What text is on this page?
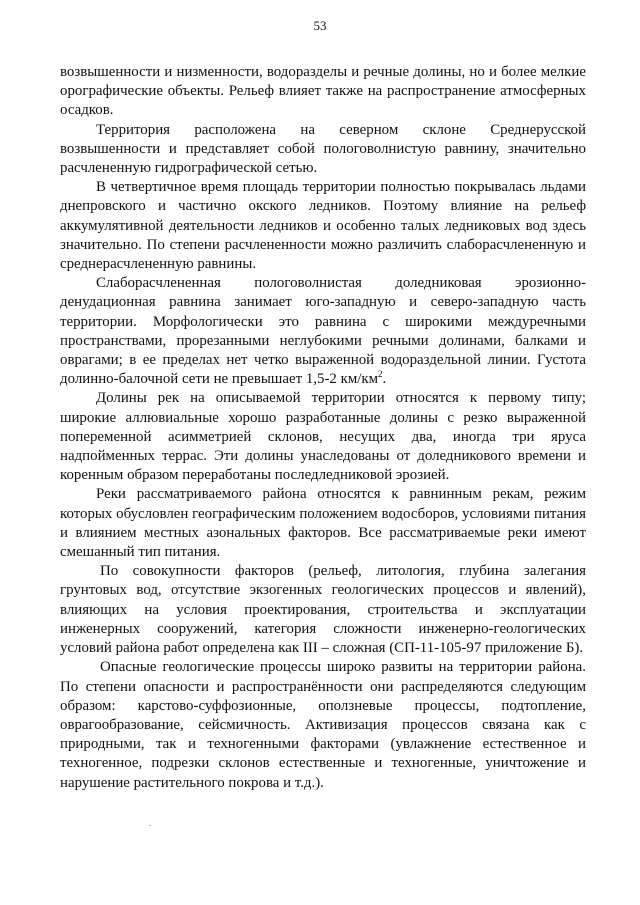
53

возвышенности и низменности, водоразделы и речные долины, но и более мелкие орографические объекты. Рельеф влияет также на распространение атмосферных осадков.

Территория расположена на северном склоне Среднерусской возвышенности и представляет собой пологоволнистую равнину, значительно расчлененную гидрографической сетью.

В четвертичное время площадь территории полностью покрывалась льдами днепровского и частично окского ледников. Поэтому влияние на рельеф аккумулятивной деятельности ледников и особенно талых ледниковых вод здесь значительно. По степени расчлененности можно различить слаборасчлененную и среднерасчлененную равнины.

Слаборасчлененная пологоволнистая доледниковая эрозионно-денудационная равнина занимает юго-западную и северо-западную часть территории. Морфологически это равнина с широкими междуречными пространствами, прорезанными неглубокими речными долинами, балками и оврагами; в ее пределах нет четко выраженной водораздельной линии. Густота долинно-балочной сети не превышает 1,5-2 $км/км^2$.

Долины рек на описываемой территории относятся к первому типу; широкие аллювиальные хорошо разработанные долины с резко выраженной попеременной асимметрией склонов, несущих два, иногда три яруса надпойменных террас. Эти долины унаследованы от доледникового времени и коренным образом переработаны последледниковой эрозией.

Реки рассматриваемого района относятся к равнинным рекам, режим которых обусловлен географическим положением водосборов, условиями питания и влиянием местных азональных факторов. Все рассматриваемые реки имеют смешанный тип питания.

По совокупности факторов (рельеф, литология, глубина залегания грунтовых вод, отсутствие экзогенных геологических процессов и явлений), влияющих на условия проектирования, строительства и эксплуатации инженерных сооружений, категория сложности инженерно-геологических условий района работ определена как III – сложная (СП-11-105-97 приложение Б).

Опасные геологические процессы широко развиты на территории района. По степени опасности и распространённости они распределяются следующим образом: карстово-суффозионные, оползневые процессы, подтопление, оврагообразование, сейсмичность. Активизация процессов связана как с природными, так и техногенными факторами (увлажнение естественное и техногенное, подрезки склонов естественные и техногенные, уничтожение и нарушение растительного покрова и т.д.).
